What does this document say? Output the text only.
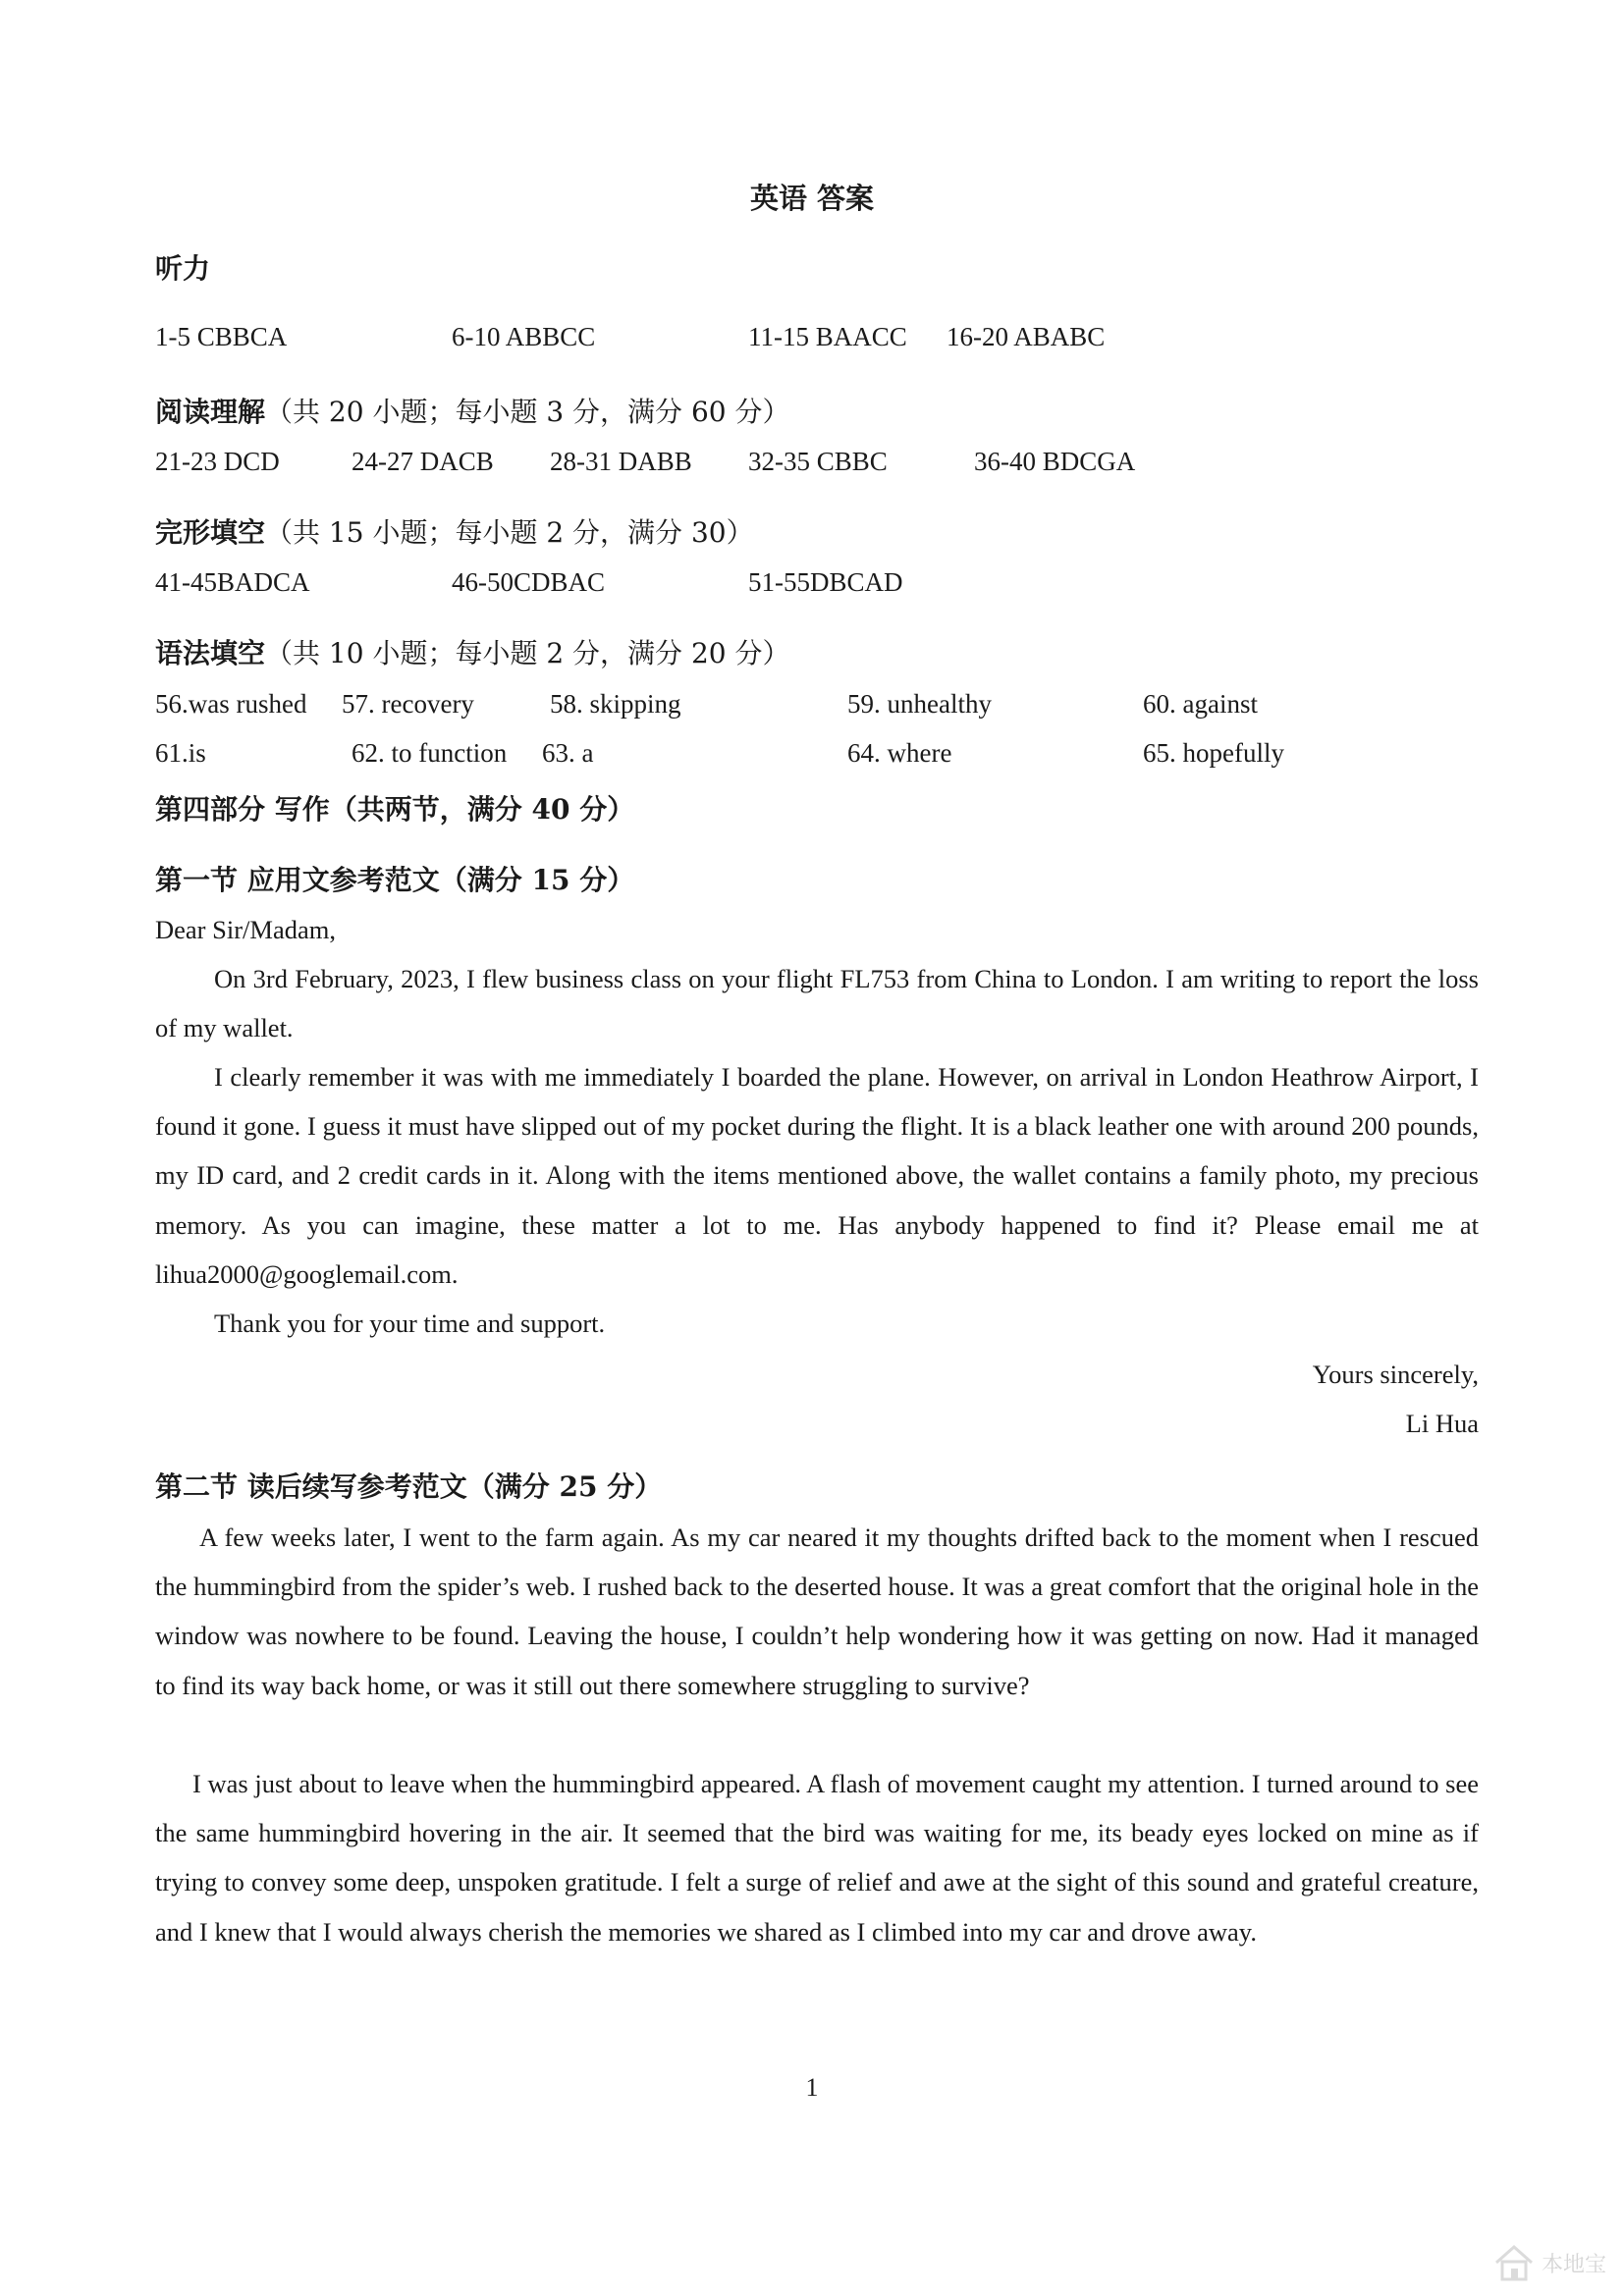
英语 答案
听力
1-5 CBBCA	6-10 ABBCC	11-15 BAACC 16-20 ABABC
阅读理解（共 20 小题；每小题 3 分，满分 60 分）
21-23 DCD	24-27 DACB 28-31 DABB 32-35 CBBC	36-40 BDCGA
完形填空（共 15 小题；每小题 2 分，满分 30）
41-45BADCA	46-50CDBAC	51-55DBCAD
语法填空（共 10 小题；每小题 2 分，满分 20 分）
56.was rushed 57. recovery	58. skipping	59. unhealthy	60. against
61.is	62. to function 63. a	64. where	65. hopefully
第四部分 写作（共两节，满分 40 分）
第一节 应用文参考范文（满分 15 分）
Dear Sir/Madam,
On 3rd February, 2023, I flew business class on your flight FL753 from China to London. I am writing to report the loss of my wallet.
I clearly remember it was with me immediately I boarded the plane. However, on arrival in London Heathrow Airport, I found it gone. I guess it must have slipped out of my pocket during the flight. It is a black leather one with around 200 pounds, my ID card, and 2 credit cards in it. Along with the items mentioned above, the wallet contains a family photo, my precious memory. As you can imagine, these matter a lot to me. Has anybody happened to find it? Please email me at lihua2000@googlemail.com.
Thank you for your time and support.
Yours sincerely,
Li Hua
第二节 读后续写参考范文（满分 25 分）
A few weeks later, I went to the farm again. As my car neared it my thoughts drifted back to the moment when I rescued the hummingbird from the spider’s web. I rushed back to the deserted house. It was a great comfort that the original hole in the window was nowhere to be found. Leaving the house, I couldn’t help wondering how it was getting on now. Had it managed to find its way back home, or was it still out there somewhere struggling to survive?
I was just about to leave when the hummingbird appeared. A flash of movement caught my attention. I turned around to see the same hummingbird hovering in the air. It seemed that the bird was waiting for me, its beady eyes locked on mine as if trying to convey some deep, unspoken gratitude. I felt a surge of relief and awe at the sight of this sound and grateful creature, and I knew that I would always cherish the memories we shared as I climbed into my car and drove away.
1
本地宝
